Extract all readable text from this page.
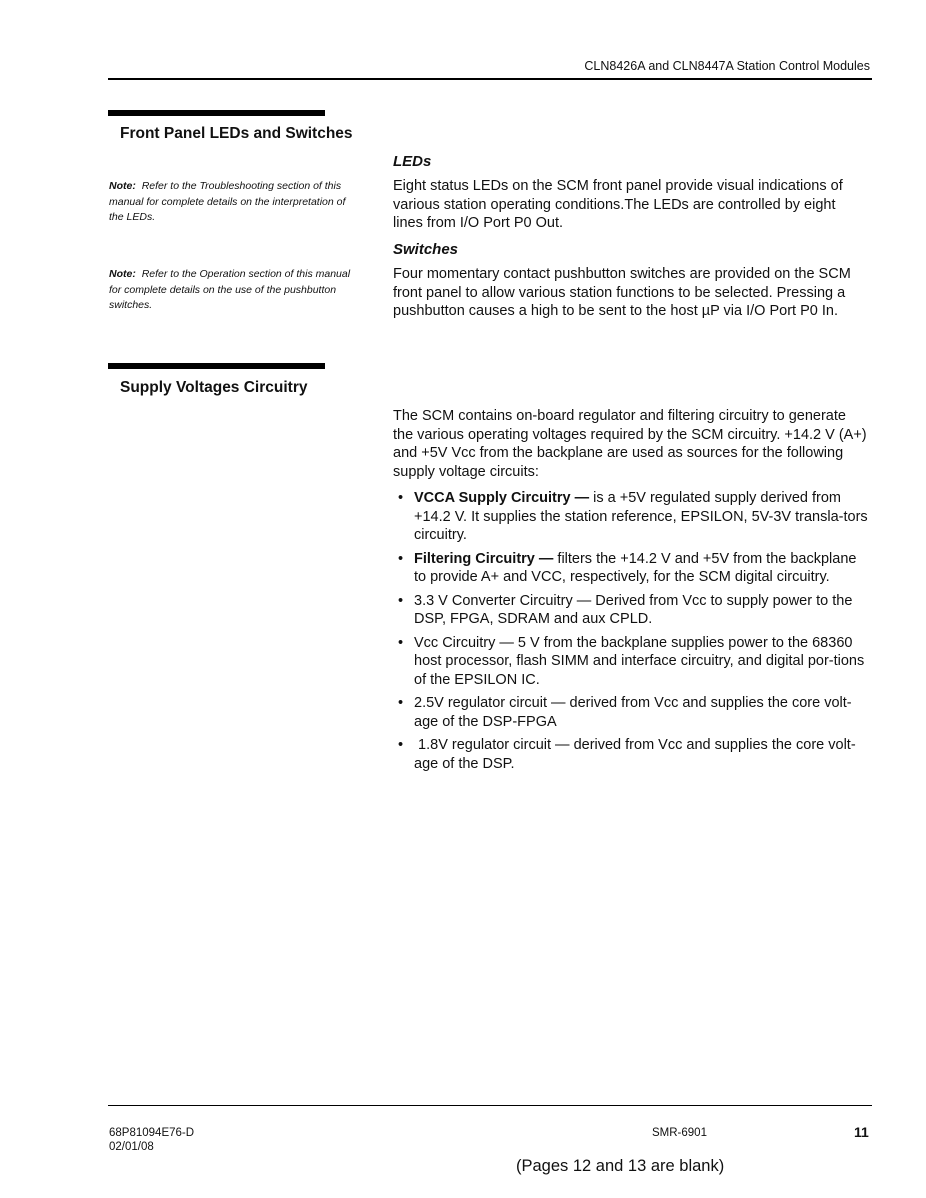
CLN8426A and CLN8447A Station Control Modules
Front Panel LEDs and Switches
LEDs
Note: Refer to the Troubleshooting section of this manual for complete details on the interpretation of the LEDs.
Eight status LEDs on the SCM front panel provide visual indications of various station operating conditions.The LEDs are controlled by eight lines from I/O Port P0 Out.
Switches
Note: Refer to the Operation section of this manual for complete details on the use of the pushbutton switches.
Four momentary contact pushbutton switches are provided on the SCM front panel to allow various station functions to be selected. Pressing a pushbutton causes a high to be sent to the host µP via I/O Port P0 In.
Supply Voltages Circuitry
The SCM contains on-board regulator and filtering circuitry to generate the various operating voltages required by the SCM circuitry. +14.2 V (A+) and +5V Vcc from the backplane are used as sources for the following supply voltage circuits:
• VCCA Supply Circuitry — is a +5V regulated supply derived from +14.2 V. It supplies the station reference, EPSILON, 5V-3V transla-tors circuitry.
• Filtering Circuitry — filters the +14.2 V and +5V from the backplane to provide A+ and VCC, respectively, for the SCM digital circuitry.
• 3.3 V Converter Circuitry — Derived from Vcc to supply power to the DSP, FPGA, SDRAM and aux CPLD.
• Vcc Circuitry — 5 V from the backplane supplies power to the 68360 host processor, flash SIMM and interface circuitry, and digital por-tions of the EPSILON IC.
• 2.5V regulator circuit — derived from Vcc and supplies the core volt-age of the DSP-FPGA
• 1.8V regulator circuit — derived from Vcc and supplies the core volt-age of the DSP.
68P81094E76-D
02/01/08
SMR-6901	11
(Pages 12 and 13 are blank)
